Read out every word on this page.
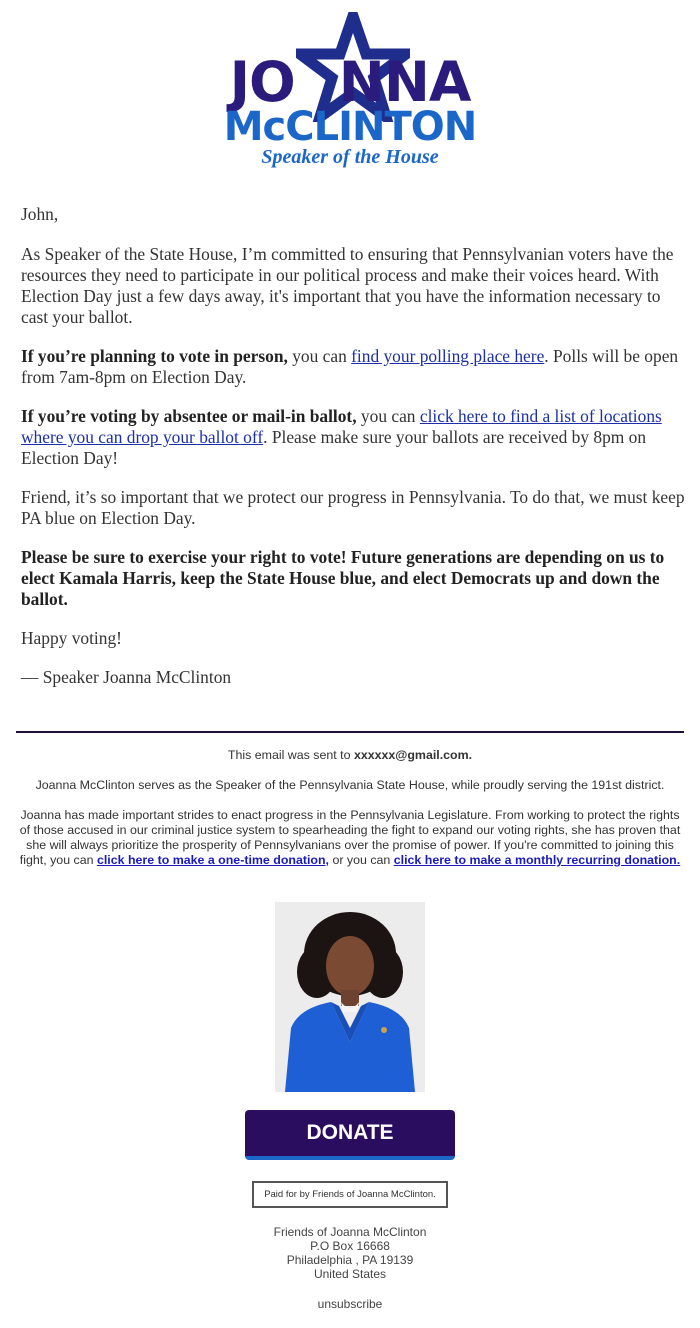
JO NNA
McCLINTON
Speaker of the House

John,

As Speaker of the State House, I’m committed to ensuring that Pennsylvanian voters have the resources they need to participate in our political process and make their voices heard. With Election Day just a few days away, it's important that you have the information necessary to cast your ballot.

If you’re planning to vote in person, you can find your polling place here. Polls will be open from 7am-8pm on Election Day.

If you’re voting by absentee or mail-in ballot, you can click here to find a list of locations where you can drop your ballot off. Please make sure your ballots are received by 8pm on Election Day!

Friend, it’s so important that we protect our progress in Pennsylvania. To do that, we must keep PA blue on Election Day.

Please be sure to exercise your right to vote! Future generations are depending on us to elect Kamala Harris, keep the State House blue, and elect Democrats up and down the ballot.

Happy voting!

— Speaker Joanna McClinton

This email was sent to xxxxxx@gmail.com.

Joanna McClinton serves as the Speaker of the Pennsylvania State House, while proudly serving the 191st district.

Joanna has made important strides to enact progress in the Pennsylvania Legislature. From working to protect the rights of those accused in our criminal justice system to spearheading the fight to expand our voting rights, she has proven that she will always prioritize the prosperity of Pennsylvanians over the promise of power. If you're committed to joining this fight, you can click here to make a one-time donation, or you can click here to make a monthly recurring donation.

DONATE
Paid for by Friends of Joanna McClinton.
Friends of Joanna McClinton
P.O Box 16668
Philadelphia , PA 19139
United States
unsubscribe
